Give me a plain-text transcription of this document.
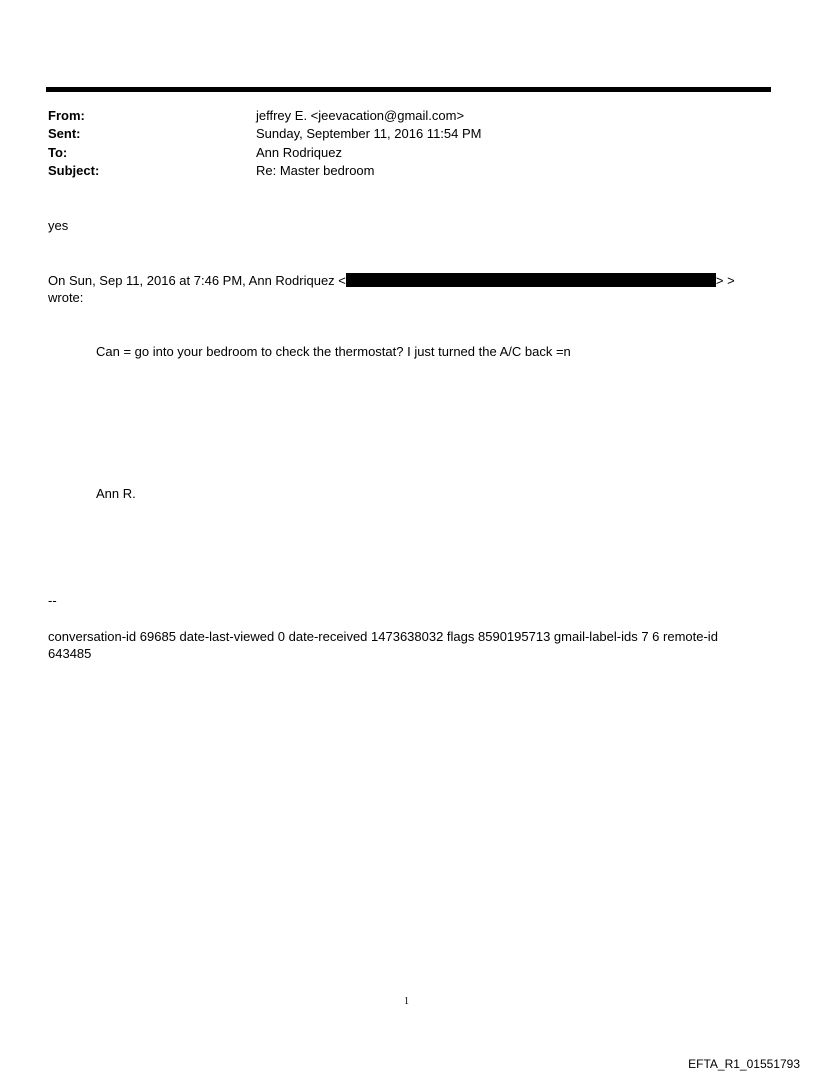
From:	jeffrey E. <jeevacation@gmail.com>
Sent:	Sunday, September 11, 2016 11:54 PM
To:	Ann Rodriquez
Subject:	Re: Master bedroom
yes
On Sun, Sep 11, 2016 at 7:46 PM, Ann Rodriquez <	> >
wrote:
Can = go into your bedroom to check the thermostat? I just turned the A/C back =n
Ann R.
--
conversation-id 69685 date-last-viewed 0 date-received 1473638032 flags 8590195713 gmail-label-ids 7 6 remote-id
643485
1
EFTA_R1_01551793
